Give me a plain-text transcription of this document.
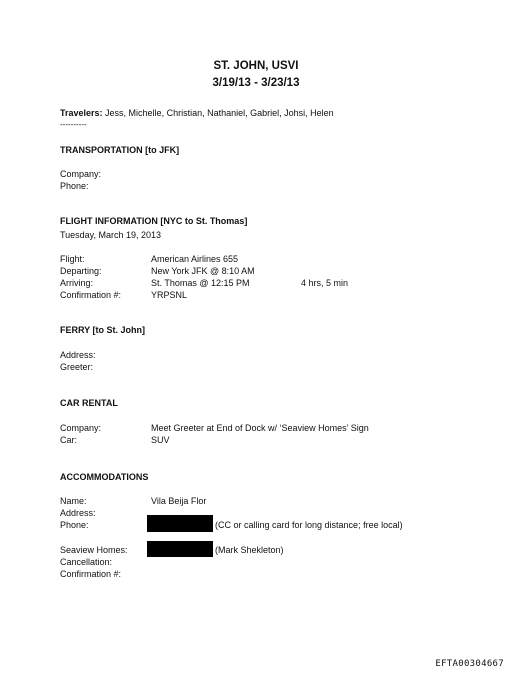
ST. JOHN, USVI
3/19/13 - 3/23/13
Travelers: Jess, Michelle, Christian, Nathaniel, Gabriel, Johsi, Helen
----------
TRANSPORTATION [to JFK]
Company:
Phone:
FLIGHT INFORMATION [NYC to St. Thomas]
Tuesday, March 19, 2013
Flight:	American Airlines 655
Departing:	New York JFK @ 8:10 AM
Arriving:	St. Thomas @ 12:15 PM	4 hrs, 5 min
Confirmation #:	YRPSNL
FERRY [to St. John]
Address:
Greeter:
CAR RENTAL
Company:	Meet Greeter at End of Dock w/ ‘Seaview Homes’ Sign
Car:	SUV
ACCOMMODATIONS
Name:	Vila Beija Flor
Address:
Phone:	(CC or calling card for long distance; free local)
Seaview Homes:	(Mark Shekleton)
Cancellation:
Confirmation #:
EFTA00304667
